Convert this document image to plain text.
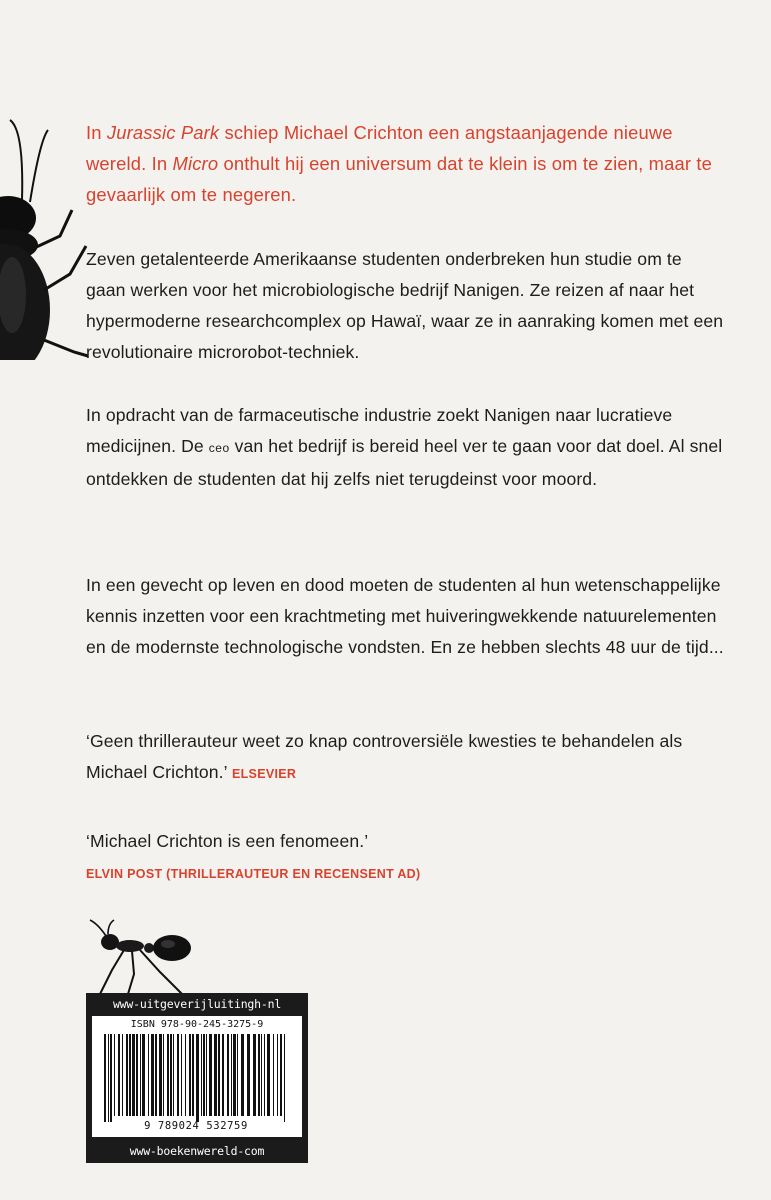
In Jurassic Park schiep Michael Crichton een angstaanjagende nieuwe wereld. In Micro onthult hij een universum dat te klein is om te zien, maar te gevaarlijk om te negeren.

Zeven getalenteerde Amerikaanse studenten onderbreken hun studie om te gaan werken voor het microbiologische bedrijf Nanigen. Ze reizen af naar het hypermoderne researchcomplex op Hawaï, waar ze in aanraking komen met een revolutionaire microrobot-techniek.

In opdracht van de farmaceutische industrie zoekt Nanigen naar lucratieve medicijnen. De ceo van het bedrijf is bereid heel ver te gaan voor dat doel. Al snel ontdekken de studenten dat hij zelfs niet terugdeinst voor moord.

In een gevecht op leven en dood moeten de studenten al hun wetenschappelijke kennis inzetten voor een krachtmeting met huiveringwekkende natuurelementen en de modernste technologische vondsten. En ze hebben slechts 48 uur de tijd...

‘Geen thrillerauteur weet zo knap controversiële kwesties te behandelen als Michael Crichton.’ ELSEVIER

‘Michael Crichton is een fenomeen.’
ELVIN POST (THRILLERAUTEUR EN RECENSENT AD)

www-uitgeverijluitingh-nl
ISBN 978-90-245-3275-9
9 789024 532759
www-boekenwereld-com
